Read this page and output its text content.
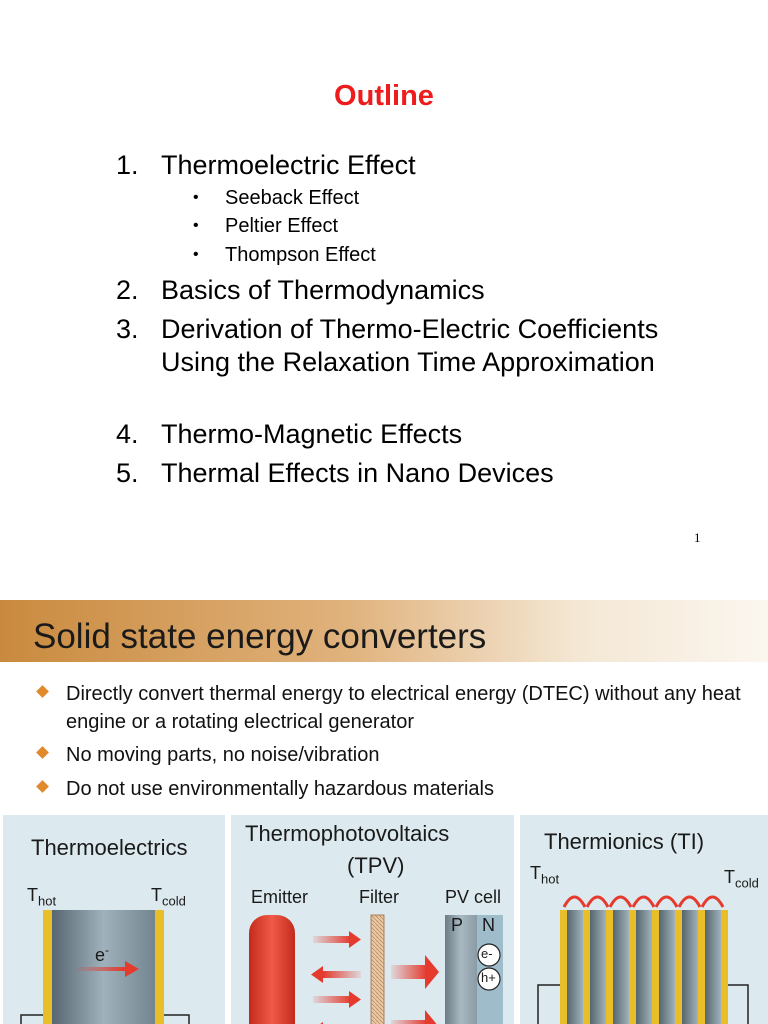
Outline
1. Thermoelectric Effect
• Seeback Effect
• Peltier Effect
• Thompson Effect
2. Basics of Thermodynamics
3. Derivation of Thermo-Electric Coefficients Using the Relaxation Time Approximation
4. Thermo-Magnetic Effects
5. Thermal Effects in Nano Devices
1
Solid state energy converters
Directly convert thermal energy to electrical energy (DTEC) without any heat engine or a rotating electrical generator
No moving parts, no noise/vibration
Do not use environmentally hazardous materials
Thermoelectrics
$T_{hot}$	$T_{cold}$
e-
Thermophotovoltaics
(TPV)
Emitter	Filter	PV cell
P N
e-
h+
Thermionics (TI)
$T_{hot}$	$T_{cold}$
